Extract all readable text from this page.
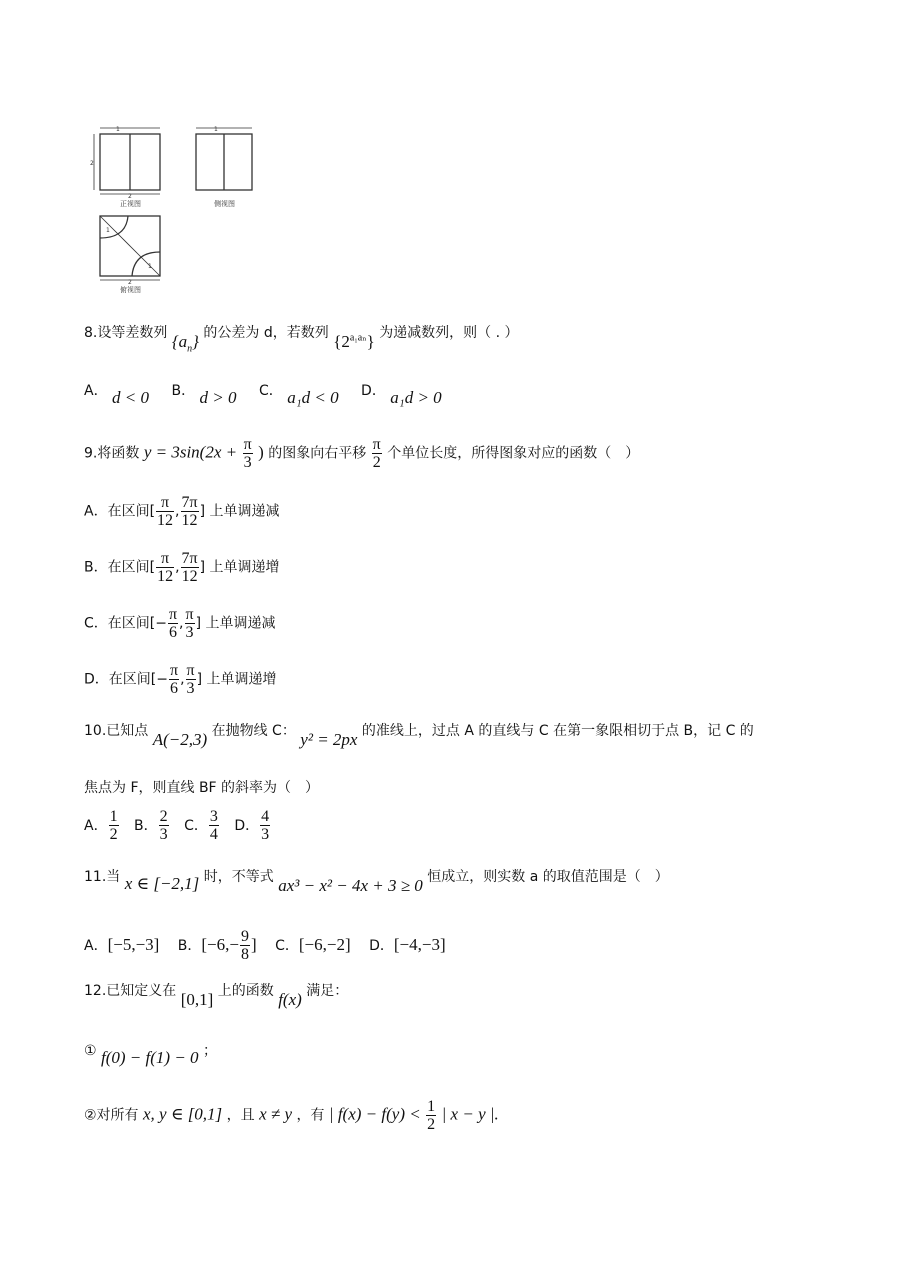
1
2
2
正视图
1
侧视图
1
1
2
俯视图
8.设等差数列 $\{a_n\}$ 的公差为 d，若数列 $\{2^{a_1a_n}\}$ 为递减数列，则（ . ）
A． d < 0 B． d > 0 C． a₁d < 0 D． a₁d > 0
9.将函数 $y = 3\sin(2x + \frac{\pi}{3}$ ) 的图象向右平移 $\frac{\pi}{2}$ 个单位长度，所得图象对应的函数（　）
A．在区间[ $\frac{\pi}{12}$ , $\frac{7\pi}{12}$ ] 上单调递减
B．在区间[ $\frac{\pi}{12}$ , $\frac{7\pi}{12}$ ] 上单调递增
C．在区间[− $\frac{\pi}{6}$ , $\frac{\pi}{3}$ ] 上单调递减
D．在区间[− $\frac{\pi}{6}$ , $\frac{\pi}{3}$ ] 上单调递增
10.已知点 A(−2,3) 在抛物线 C： y² = 2px 的准线上，过点 A 的直线与 C 在第一象限相切于点 B，记 C 的
焦点为 F，则直线 BF 的斜率为（　）
A． $\frac{1}{2}$ B． $\frac{2}{3}$ C． $\frac{3}{4}$ D． $\frac{4}{3}$
11.当 x ∈ [−2,1] 时，不等式 ax³ − x² − 4x + 3 ≥ 0 恒成立，则实数 a 的取值范围是（　）
A．[−5,−3] B．[$-6,- \frac{9}{8}$ ] C．[−6,−2] D．[−4,−3]
12.已知定义在 [0,1] 上的函数 f(x) 满足：
① f(0) − f(1) − 0 ；
②对所有 x, y ∈ [0,1] ，且 x ≠ y ，有 | $f(x) - f(y) < \frac{1}{2}$ | x − y |.
